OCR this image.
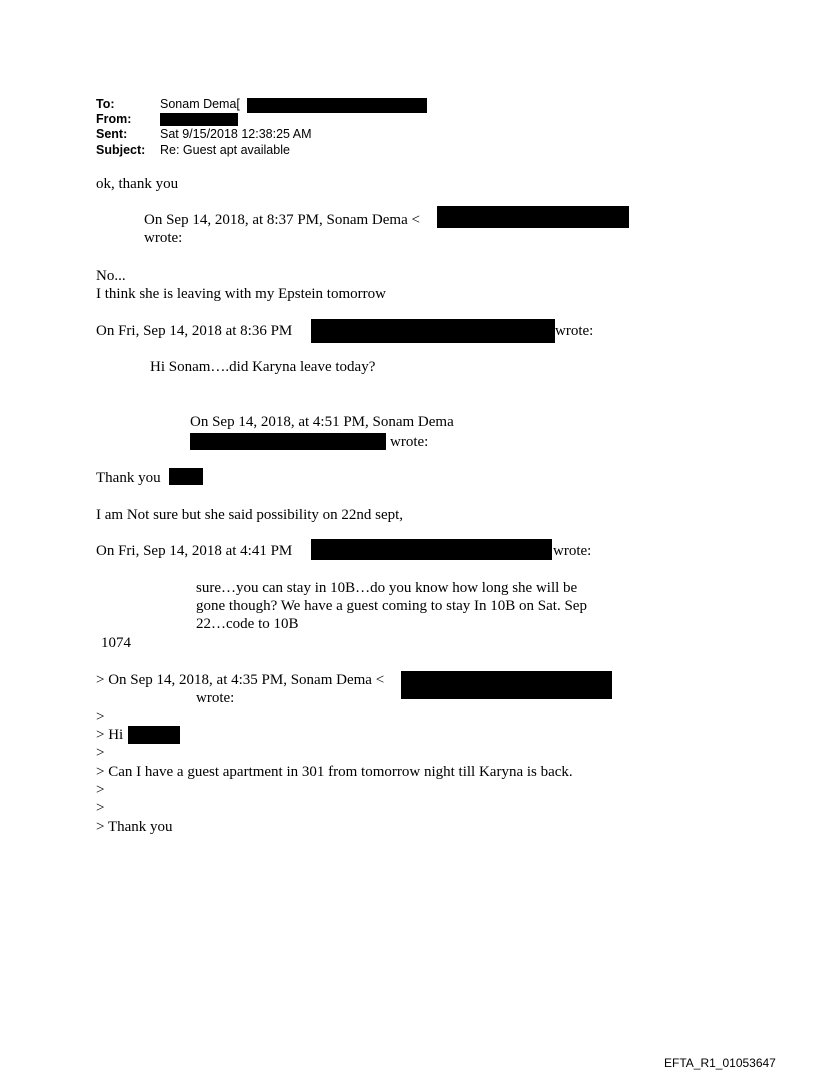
To:	Sonam Dema[
From:
Sent:	Sat 9/15/2018 12:38:25 AM
Subject: Re: Guest apt available
ok, thank you
On Sep 14, 2018, at 8:37 PM, Sonam Dema <
wrote:
No...
I think she is leaving with my Epstein tomorrow
On Fri, Sep 14, 2018 at 8:36 PM	wrote:
Hi Sonam….did Karyna leave today?
On Sep 14, 2018, at 4:51 PM, Sonam Dema
wrote:
Thank you
I am Not sure but she said possibility on 22nd sept,
On Fri, Sep 14, 2018 at 4:41 PM	wrote:
sure…you can stay in 10B…do you know how long she will be
gone though? We have a guest coming to stay In 10B on Sat. Sep
22…code to 10B
1074
> On Sep 14, 2018, at 4:35 PM, Sonam Dema <
wrote:
>
> Hi
>
> Can I have a guest apartment in 301 from tomorrow night till Karyna is back.
>
>
> Thank you
EFTA_R1_01053647
